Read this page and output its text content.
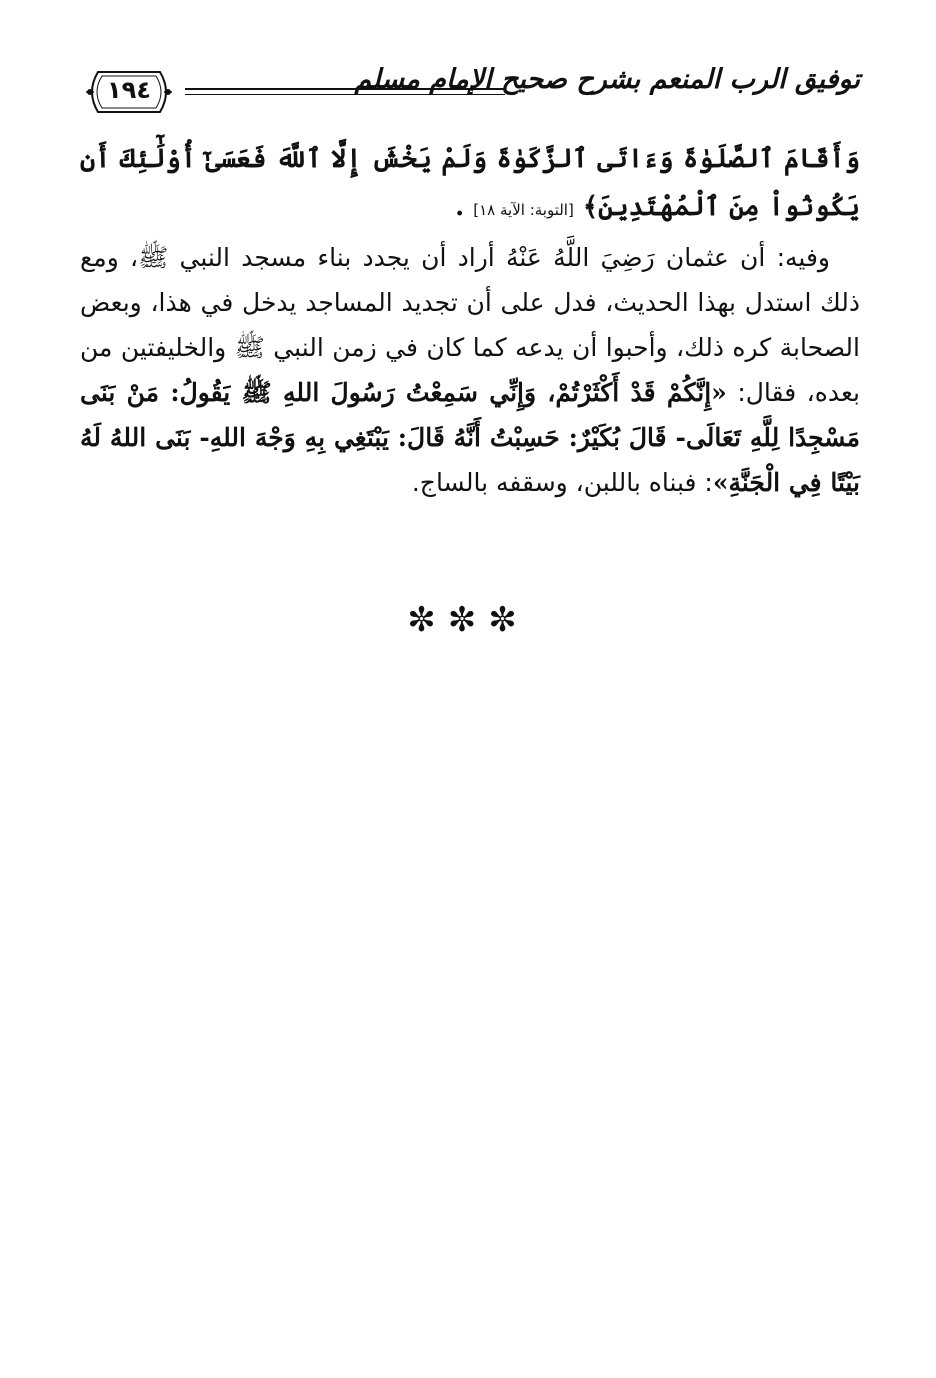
توفيق الرب المنعم بشرح صحيح الإمام مسلم
١٩٤

وَأَقَامَ ٱلصَّلَوٰةَ وَءَاتَى ٱلزَّكَوٰةَ وَلَمْ يَخْشَ إِلَّا ٱللَّهَ فَعَسَىٰٓ أُوْلَٰٓئِكَ أَن يَكُونُواْ مِنَ ٱلْمُهْتَدِينَ﴾ [التوبة: الآية ١٨] .

وفيه: أن عثمان رَضِيَ اللَّهُ عَنْهُ أراد أن يجدد بناء مسجد النبي ﷺ، ومع ذلك استدل بهذا الحديث، فدل على أن تجديد المساجد يدخل في هذا، وبعض الصحابة كره ذلك، وأحبوا أن يدعه كما كان في زمن النبي ﷺ والخليفتين من بعده، فقال: «إِنَّكُمْ قَدْ أَكْثَرْتُمْ، وَإِنِّي سَمِعْتُ رَسُولَ اللهِ ﷺ يَقُولُ: مَنْ بَنَى مَسْجِدًا لِلَّهِ تَعَالَى- قَالَ بُكَيْرٌ: حَسِبْتُ أَنَّهُ قَالَ: يَبْتَغِي بِهِ وَجْهَ اللهِ- بَنَى اللهُ لَهُ بَيْتًا فِي الْجَنَّةِ»: فبناه باللبن، وسقفه بالساج.

✼✼✼
